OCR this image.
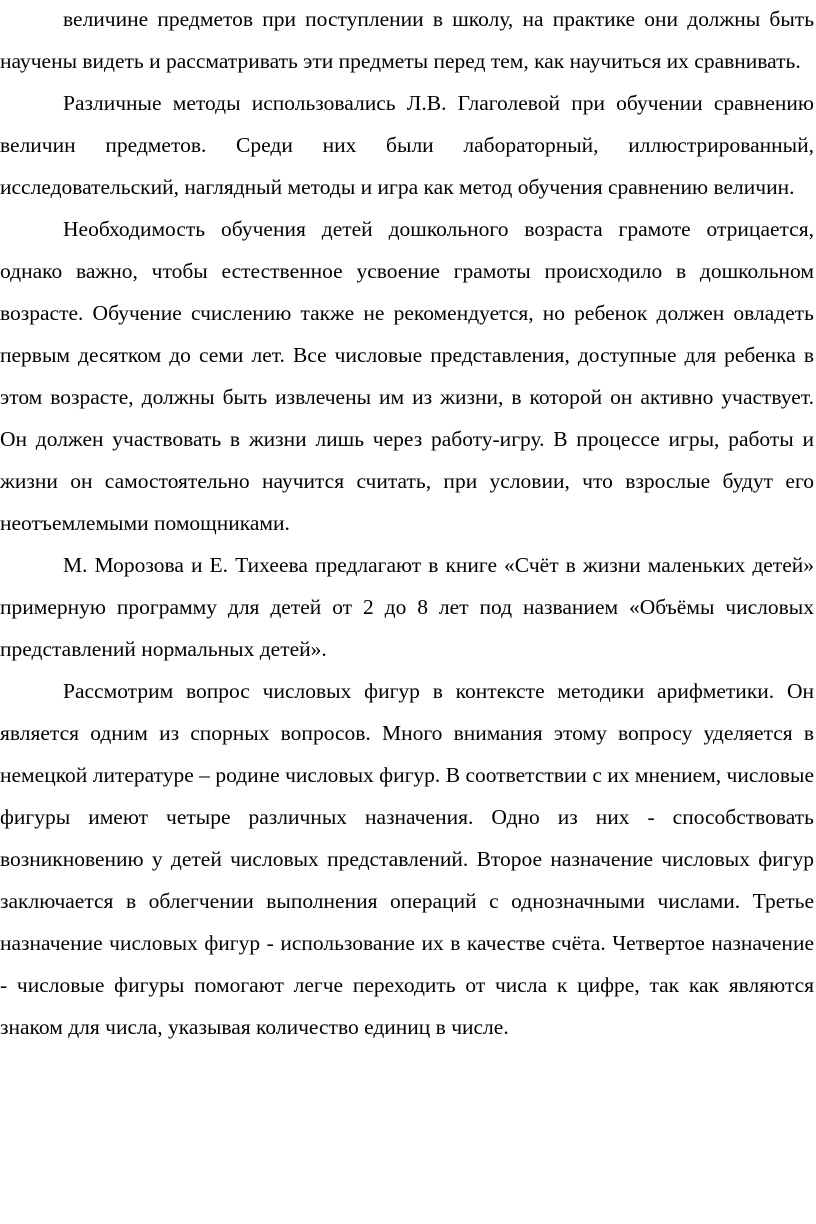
величине предметов при поступлении в школу, на практике они должны быть научены видеть и рассматривать эти предметы перед тем, как научиться их сравнивать.

Различные методы использовались Л.В. Глаголевой при обучении сравнению величин предметов. Среди них были лабораторный, иллюстрированный, исследовательский, наглядный методы и игра как метод обучения сравнению величин.

Необходимость обучения детей дошкольного возраста грамоте отрицается, однако важно, чтобы естественное усвоение грамоты происходило в дошкольном возрасте. Обучение счислению также не рекомендуется, но ребенок должен овладеть первым десятком до семи лет. Все числовые представления, доступные для ребенка в этом возрасте, должны быть извлечены им из жизни, в которой он активно участвует. Он должен участвовать в жизни лишь через работу-игру. В процессе игры, работы и жизни он самостоятельно научится считать, при условии, что взрослые будут его неотъемлемыми помощниками.

М. Морозова и Е. Тихеева предлагают в книге «Счёт в жизни маленьких детей» примерную программу для детей от 2 до 8 лет под названием «Объёмы числовых представлений нормальных детей».

Рассмотрим вопрос числовых фигур в контексте методики арифметики. Он является одним из спорных вопросов. Много внимания этому вопросу уделяется в немецкой литературе – родине числовых фигур. В соответствии с их мнением, числовые фигуры имеют четыре различных назначения. Одно из них - способствовать возникновению у детей числовых представлений. Второе назначение числовых фигур заключается в облегчении выполнения операций с однозначными числами. Третье назначение числовых фигур - использование их в качестве счёта. Четвертое назначение - числовые фигуры помогают легче переходить от числа к цифре, так как являются знаком для числа, указывая количество единиц в числе.
